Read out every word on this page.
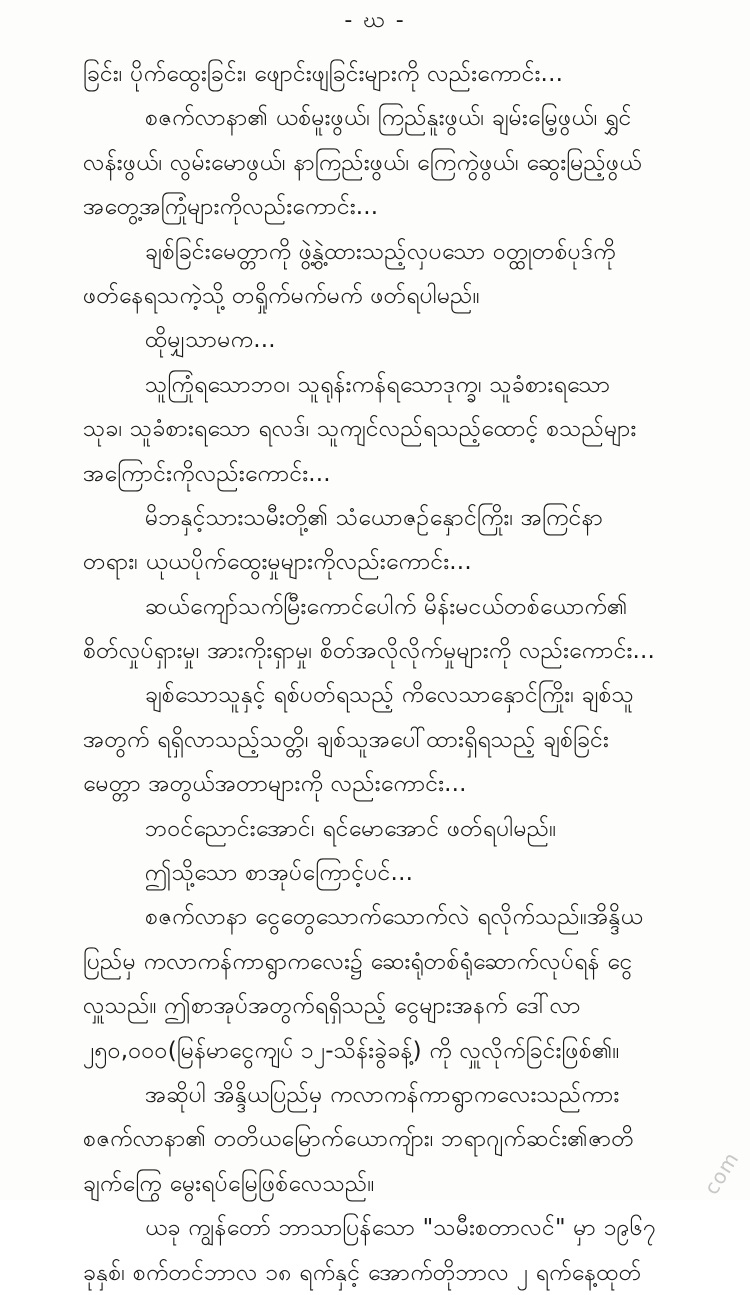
- ဃ -
ခြင်း၊ ပိုက်ထွေးခြင်း၊ ဖျောင်းဖျခြင်းများကို လည်းကောင်း...
စဇက်လာနာ၏ ယစ်မူးဖွယ်၊ ကြည်နူးဖွယ်၊ ချမ်းမြေ့ဖွယ်၊ ရွှင်
လန်းဖွယ်၊ လွမ်းမောဖွယ်၊ နာကြည်းဖွယ်၊ ကြေကွဲဖွယ်၊ ဆွေးမြည့်ဖွယ်
အတွေ့အကြုံများကိုလည်းကောင်း...
ချစ်ခြင်းမေတ္တာကို ဖွဲ့နွဲ့ထားသည့်လှပသော ဝတ္ထုတစ်ပုဒ်ကို
ဖတ်နေရသကဲ့သို့ တရှိုက်မက်မက် ဖတ်ရပါမည်။
ထိုမျှသာမက...
သူကြုံရသောဘဝ၊ သူရုန်းကန်ရသောဒုက္ခ၊ သူခံစားရသော
သုခ၊ သူခံစားရသော ရလဒ်၊ သူကျင်လည်ရသည့်ထောင့် စသည်များ
အကြောင်းကိုလည်းကောင်း...
မိဘနှင့်သားသမီးတို့၏ သံယောဇဉ်နှောင်ကြိုး၊ အကြင်နာ
တရား၊ ယုယပိုက်ထွေးမှုများကိုလည်းကောင်း...
ဆယ်ကျော်သက်မြီးကောင်ပေါက် မိန်းမငယ်တစ်ယောက်၏
စိတ်လှုပ်ရှားမှု၊ အားကိုးရှာမှု၊ စိတ်အလိုလိုက်မှုများကို လည်းကောင်း...
ချစ်သောသူနှင့် ရစ်ပတ်ရသည့် ကိလေသာနှောင်ကြိုး၊ ချစ်သူ
အတွက် ရရှိလာသည့်သတ္တိ၊ ချစ်သူအပေါ်ထားရှိရသည့် ချစ်ခြင်း
မေတ္တာ အတွယ်အတာများကို လည်းကောင်း...
ဘဝင်ညောင်းအောင်၊ ရင်မောအောင် ဖတ်ရပါမည်။
ဤသို့သော စာအုပ်ကြောင့်ပင်...
စဇက်လာနာ ငွေတွေသောက်သောက်လဲ ရလိုက်သည်။အိန္ဒိယ
ပြည်မှ ကလာကန်ကာရွာကလေး၌ ဆေးရုံတစ်ရုံဆောက်လုပ်ရန် ငွေ
လှူသည်။ ဤစာအုပ်အတွက်ရရှိသည့် ငွေများအနက် ဒေါ်လာ
၂၅၀,၀၀၀(မြန်မာငွေကျပ် ၁၂-သိန်းခွဲခန့်) ကို လှူလိုက်ခြင်းဖြစ်၏။
အဆိုပါ အိန္ဒိယပြည်မှ ကလာကန်ကာရွာကလေးသည်ကား
စဇက်လာနာ၏ တတိယမြောက်ယောကျ်ား၊ ဘရာဂျက်ဆင်း၏ဇာတိ
ချက်ကြွေ မွေးရပ်မြေဖြစ်လေသည်။
ယခု ကျွန်တော် ဘာသာပြန်သော "သမီးစတာလင်" မှာ ၁၉၆၇
ခုနှစ်၊ စက်တင်ဘာလ ၁၈ ရက်နှင့် အောက်တိုဘာလ ၂ ရက်နေ့ထုတ်
com
